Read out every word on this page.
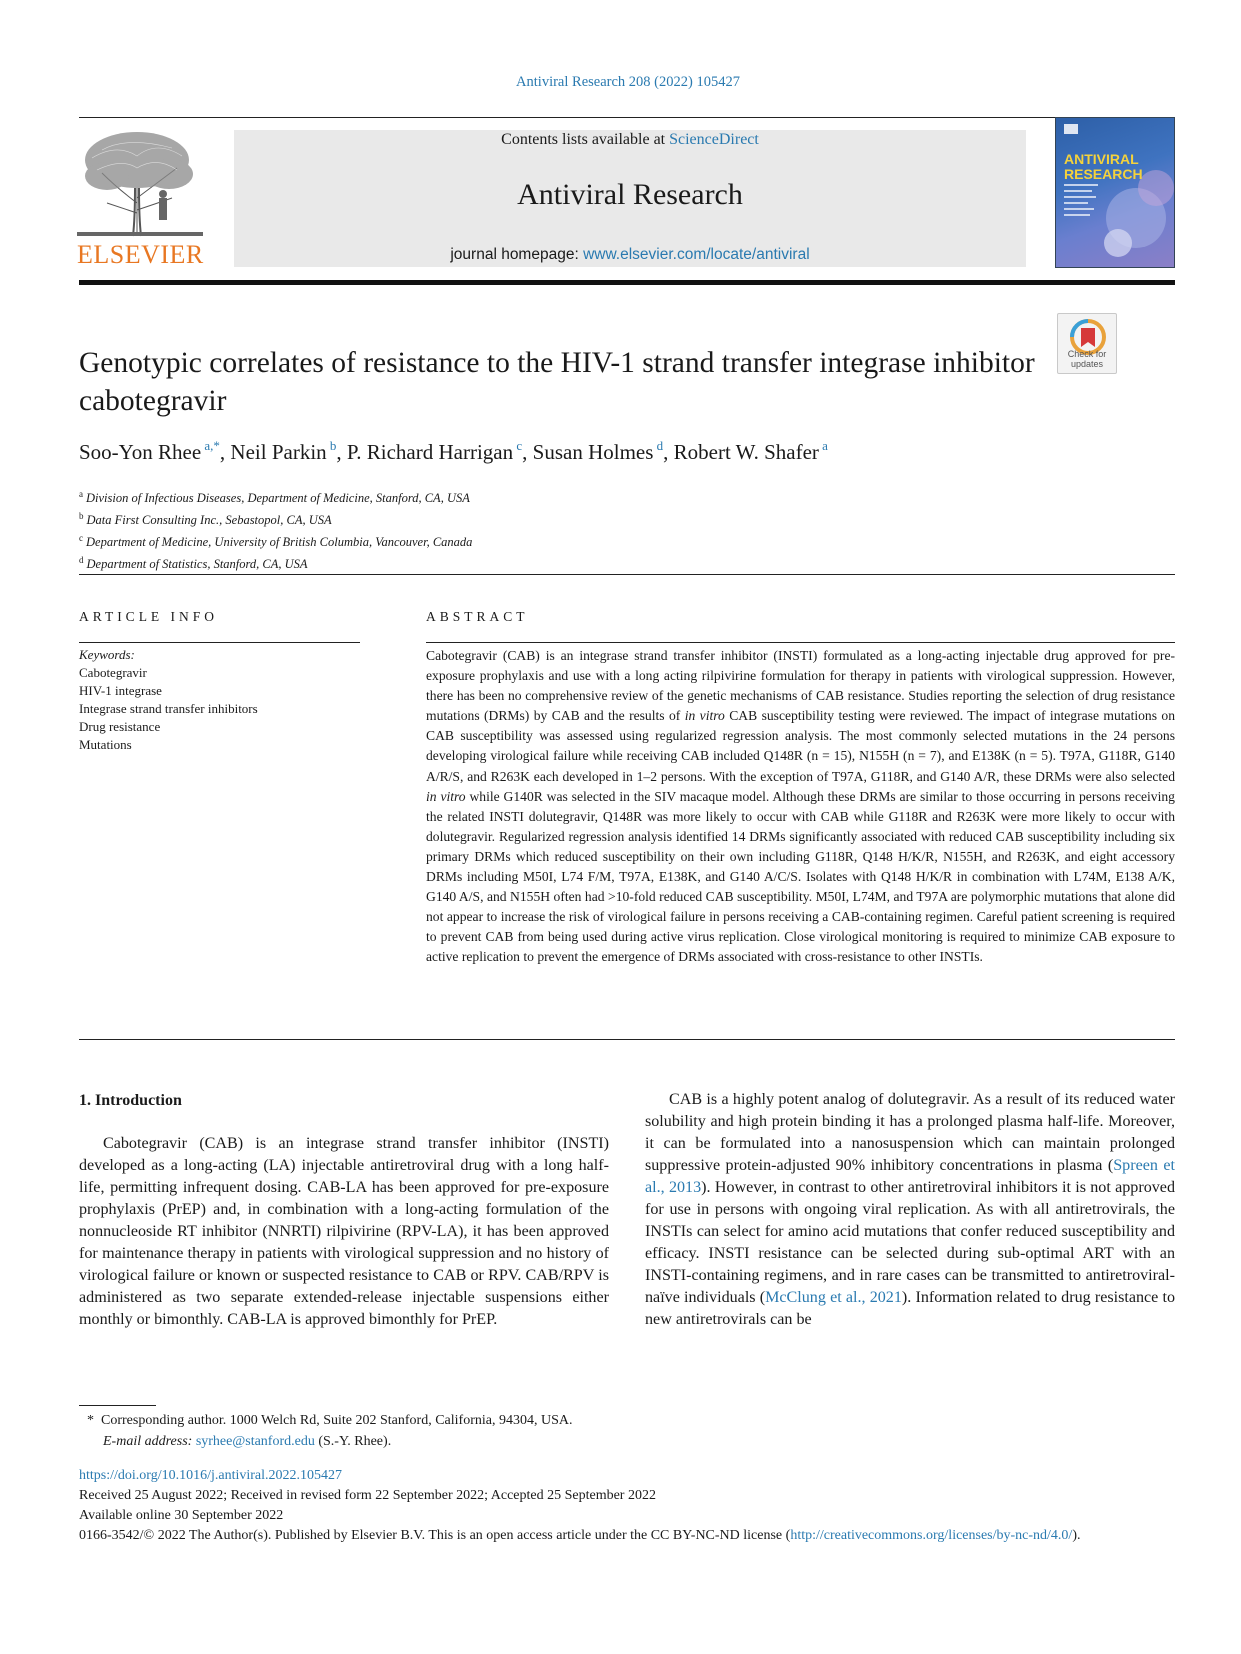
Antiviral Research 208 (2022) 105427
ELSEVIER
Contents lists available at ScienceDirect
Antiviral Research
journal homepage: www.elsevier.com/locate/antiviral
ANTIVIRAL RESEARCH
Check for updates
Genotypic correlates of resistance to the HIV-1 strand transfer integrase inhibitor cabotegravir
Soo-Yon Rhee $^{a,*}$, Neil Parkin $^b$, P. Richard Harrigan $^c$, Susan Holmes $^d$, Robert W. Shafer $^a$
$^a$ Division of Infectious Diseases, Department of Medicine, Stanford, CA, USA
$^b$ Data First Consulting Inc., Sebastopol, CA, USA
$^c$ Department of Medicine, University of British Columbia, Vancouver, Canada
$^d$ Department of Statistics, Stanford, CA, USA
ARTICLE INFO	ABSTRACT
Keywords:
Cabotegravir
HIV-1 integrase
Integrase strand transfer inhibitors
Drug resistance
Mutations
Cabotegravir (CAB) is an integrase strand transfer inhibitor (INSTI) formulated as a long-acting injectable drug approved for pre-exposure prophylaxis and use with a long acting rilpivirine formulation for therapy in patients with virological suppression. However, there has been no comprehensive review of the genetic mechanisms of CAB resistance. Studies reporting the selection of drug resistance mutations (DRMs) by CAB and the results of in vitro CAB susceptibility testing were reviewed. The impact of integrase mutations on CAB susceptibility was assessed using regularized regression analysis. The most commonly selected mutations in the 24 persons developing virological failure while receiving CAB included Q148R (n = 15), N155H (n = 7), and E138K (n = 5). T97A, G118R, G140 A/R/S, and R263K each developed in 1–2 persons. With the exception of T97A, G118R, and G140 A/R, these DRMs were also selected in vitro while G140R was selected in the SIV macaque model. Although these DRMs are similar to those occurring in persons receiving the related INSTI dolutegravir, Q148R was more likely to occur with CAB while G118R and R263K were more likely to occur with dolutegravir. Regularized regression analysis identified 14 DRMs significantly associated with reduced CAB susceptibility including six primary DRMs which reduced susceptibility on their own including G118R, Q148 H/K/R, N155H, and R263K, and eight accessory DRMs including M50I, L74 F/M, T97A, E138K, and G140 A/C/S. Isolates with Q148 H/K/R in combination with L74M, E138 A/K, G140 A/S, and N155H often had >10-fold reduced CAB susceptibility. M50I, L74M, and T97A are polymorphic mutations that alone did not appear to increase the risk of virological failure in persons receiving a CAB-containing regimen. Careful patient screening is required to prevent CAB from being used during active virus replication. Close virological monitoring is required to minimize CAB exposure to active replication to prevent the emergence of DRMs associated with cross-resistance to other INSTIs.
1. Introduction
Cabotegravir (CAB) is an integrase strand transfer inhibitor (INSTI) developed as a long-acting (LA) injectable antiretroviral drug with a long half-life, permitting infrequent dosing. CAB-LA has been approved for pre-exposure prophylaxis (PrEP) and, in combination with a long-acting formulation of the nonnucleoside RT inhibitor (NNRTI) rilpivirine (RPV-LA), it has been approved for maintenance therapy in patients with virological suppression and no history of virological failure or known or suspected resistance to CAB or RPV. CAB/RPV is administered as two separate extended-release injectable suspensions either monthly or bimonthly. CAB-LA is approved bimonthly for PrEP.
CAB is a highly potent analog of dolutegravir. As a result of its reduced water solubility and high protein binding it has a prolonged plasma half-life. Moreover, it can be formulated into a nanosuspension which can maintain prolonged suppressive protein-adjusted 90% inhibitory concentrations in plasma (Spreen et al., 2013). However, in contrast to other antiretroviral inhibitors it is not approved for use in persons with ongoing viral replication. As with all antiretrovirals, the INSTIs can select for amino acid mutations that confer reduced susceptibility and efficacy. INSTI resistance can be selected during sub-optimal ART with an INSTI-containing regimens, and in rare cases can be transmitted to antiretroviral-naïve individuals (McClung et al., 2021). Information related to drug resistance to new antiretrovirals can be
* Corresponding author. 1000 Welch Rd, Suite 202 Stanford, California, 94304, USA.
E-mail address: syrhee@stanford.edu (S.-Y. Rhee).
https://doi.org/10.1016/j.antiviral.2022.105427
Received 25 August 2022; Received in revised form 22 September 2022; Accepted 25 September 2022
Available online 30 September 2022
0166-3542/© 2022 The Author(s). Published by Elsevier B.V. This is an open access article under the CC BY-NC-ND license (http://creativecommons.org/licenses/by-nc-nd/4.0/).
